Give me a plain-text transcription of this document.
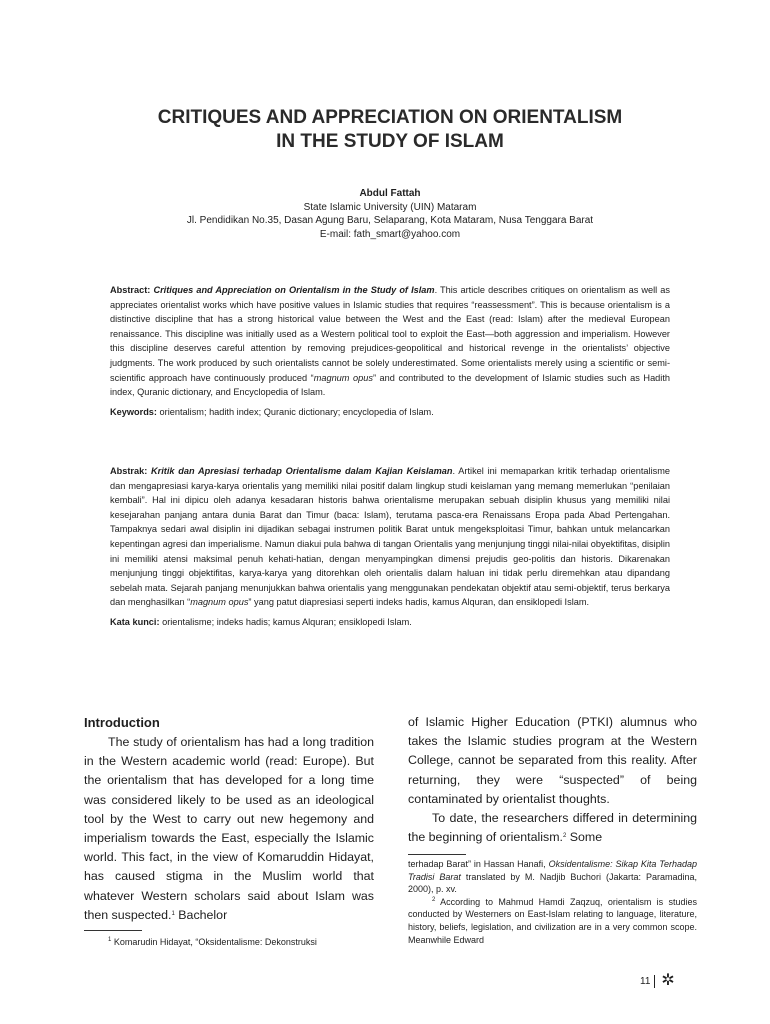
CRITIQUES AND APPRECIATION ON ORIENTALISM
IN THE STUDY OF ISLAM
Abdul Fattah
State Islamic University (UIN) Mataram
Jl. Pendidikan No.35, Dasan Agung Baru, Selaparang, Kota Mataram, Nusa Tenggara Barat
E-mail: fath_smart@yahoo.com

Abstract: Critiques and Appreciation on Orientalism in the Study of Islam. This article describes critiques on orientalism as well as appreciates orientalist works which have positive values in Islamic studies that requires “reassessment”. This is because orientalism is a distinctive discipline that has a strong historical value between the West and the East (read: Islam) after the medieval European renaissance. This discipline was initially used as a Western political tool to exploit the East—both aggression and imperialism. However this discipline deserves careful attention by removing prejudices-geopolitical and historical revenge in the orientalists’ objective judgments. The work produced by such orientalists cannot be solely underestimated. Some orientalists merely using a scientific or semi-scientific approach have continuously produced “magnum opus” and contributed to the development of Islamic studies such as Hadith index, Quranic dictionary, and Encyclopedia of Islam.

Keywords: orientalism; hadith index; Quranic dictionary; encyclopedia of Islam.

Abstrak: Kritik dan Apresiasi terhadap Orientalisme dalam Kajian Keislaman. Artikel ini memaparkan kritik terhadap orientalisme dan mengapresiasi karya-karya orientalis yang memiliki nilai positif dalam lingkup studi keislaman yang memang memerlukan “penilaian kembali”. Hal ini dipicu oleh adanya kesadaran historis bahwa orientalisme merupakan sebuah disiplin khusus yang memiliki nilai kesejarahan panjang antara dunia Barat dan Timur (baca: Islam), terutama pasca-era Renaissans Eropa pada Abad Pertengahan. Tampaknya sedari awal disiplin ini dijadikan sebagai instrumen politik Barat untuk mengeksploitasi Timur, bahkan untuk melancarkan kepentingan agresi dan imperialisme. Namun diakui pula bahwa di tangan Orientalis yang menjunjung tinggi nilai-nilai obyektifitas, disiplin ini memiliki atensi maksimal penuh kehati-hatian, dengan menyampingkan dimensi prejudis geo-politis dan historis. Dikarenakan menjunjung tinggi objektifitas, karya-karya yang ditorehkan oleh orientalis dalam haluan ini tidak perlu diremehkan atau dipandang sebelah mata. Sejarah panjang menunjukkan bahwa orientalis yang menggunakan pendekatan objektif atau semi-objektif, terus berkarya dan menghasilkan “magnum opus” yang patut diapresiasi seperti indeks hadis, kamus Alquran, dan ensiklopedi Islam.

Kata kunci: orientalisme; indeks hadis; kamus Alquran; ensiklopedi Islam.

Introduction

The study of orientalism has had a long tradition in the Western academic world (read: Europe). But the orientalism that has developed for a long time was considered likely to be used as an ideological tool by the West to carry out new hegemony and imperialism towards the East, especially the Islamic world. This fact, in the view of Komaruddin Hidayat, has caused stigma in the Muslim world that whatever Western scholars said about Islam was then suspected.$^1$ Bachelor

of Islamic Higher Education (PTKI) alumnus who takes the Islamic studies program at the Western College, cannot be separated from this reality. After returning, they were “suspected” of being contaminated by orientalist thoughts.

To date, the researchers differed in determining the beginning of orientalism.$^2$ Some

$^1$ Komarudin Hidayat, “Oksidentalisme: Dekonstruksi

terhadap Barat” in Hassan Hanafi, Oksidentalisme: Sikap Kita Terhadap Tradisi Barat translated by M. Nadjib Buchori (Jakarta: Paramadina, 2000), p. xv.

$^2$ According to Mahmud Hamdi Zaqzuq, orientalism is studies conducted by Westerners on East-Islam relating to language, literature, history, beliefs, legislation, and civilization are in a very common scope. Meanwhile Edward

11 ✲
